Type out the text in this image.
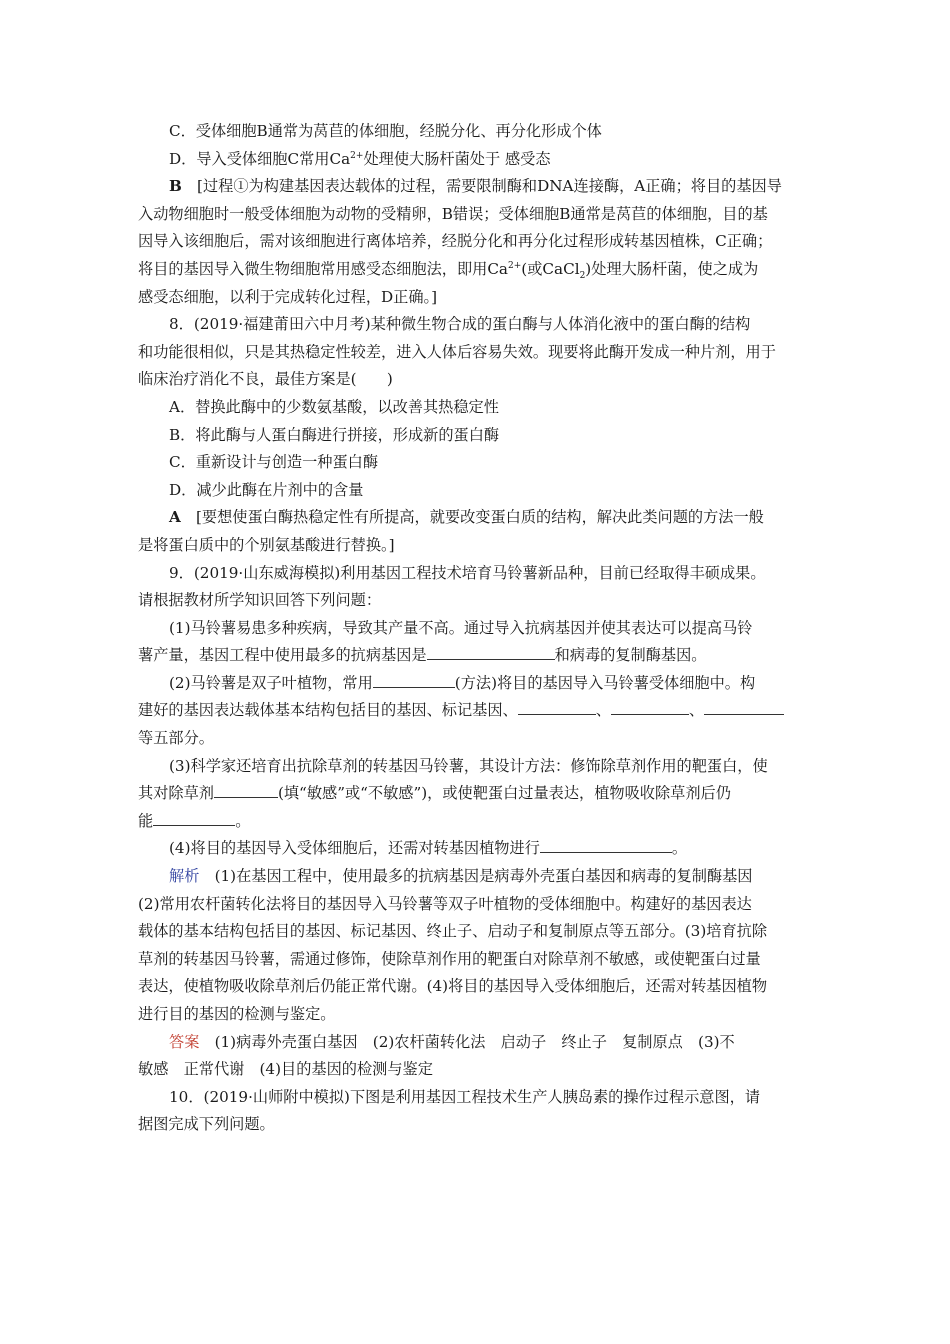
C．受体细胞B通常为莴苣的体细胞，经脱分化、再分化形成个体
D．导入受体细胞C常用$Ca^{2+}$处理使大肠杆菌处于 感受态
B　 [过程①为构建基因表达载体的过程，需要限制酶和DNA连接酶，A正确；将目的基因导
入动物细胞时一般受体细胞为动物的受精卵，B错误；受体细胞B通常是莴苣的体细胞，目的基
因导入该细胞后，需对该细胞进行离体培养，经脱分化和再分化过程形成转基因植株，C正确；
将目的基因导入微生物细胞常用感受态细胞法，即用$Ca^{2+}$(或CaCl$_2$)处理大肠杆菌，使之成为
感受态细胞，以利于完成转化过程，D正确。]
8．(2019·福建莆田六中月考)某种微生物合成的蛋白酶与人体消化液中的蛋白酶的结构
和功能很相似，只是其热稳定性较差，进入人体后容易失效。现要将此酶开发成一种片剂，用于
临床治疗消化不良，最佳方案是(　　)
A．替换此酶中的少数氨基酸，以改善其热稳定性
B．将此酶与人蛋白酶进行拼接，形成新的蛋白酶
C．重新设计与创造一种蛋白酶
D．减少此酶在片剂中的含量
A　 [要想使蛋白酶热稳定性有所提高，就要改变蛋白质的结构，解决此类问题的方法一般
是将蛋白质中的个别氨基酸进行替换。]
9．(2019·山东威海模拟)利用基因工程技术培育马铃薯新品种，目前已经取得丰硕成果。
请根据教材所学知识回答下列问题：
(1)马铃薯易患多种疾病，导致其产量不高。通过导入抗病基因并使其表达可以提高马铃
薯产量，基因工程中使用最多的抗病基因是	和病毒的复制酶基因。
(2)马铃薯是双子叶植物，常用	(方法)将目的基因导入马铃薯受体细胞中。构
建好的基因表达载体基本结构包括目的基因、标记基因、	、	、
等五部分。
(3)科学家还培育出抗除草剂的转基因马铃薯，其设计方法：修饰除草剂作用的靶蛋白，使
其对除草剂	(填“敏感”或“不敏感”)，或使靶蛋白过量表达，植物吸收除草剂后仍
能	。
(4)将目的基因导入受体细胞后，还需对转基因植物进行	。
解析　 (1)在基因工程中，使用最多的抗病基因是病毒外壳蛋白基因和病毒的复制酶基因
(2)常用农杆菌转化法将目的基因导入马铃薯等双子叶植物的受体细胞中。构建好的基因表达
载体的基本结构包括目的基因、标记基因、终止子、启动子和复制原点等五部分。(3)培育抗除
草剂的转基因马铃薯，需通过修饰，使除草剂作用的靶蛋白对除草剂不敏感，或使靶蛋白过量
表达，使植物吸收除草剂后仍能正常代谢。(4)将目的基因导入受体细胞后，还需对转基因植物
进行目的基因的检测与鉴定。
答案　 (1)病毒外壳蛋白基因　(2)农杆菌转化法　启动子　终止子　复制原点　(3)不
敏感　正常代谢　(4)目的基因的检测与鉴定
10．(2019·山师附中模拟)下图是利用基因工程技术生产人胰岛素的操作过程示意图，请
据图完成下列问题。
